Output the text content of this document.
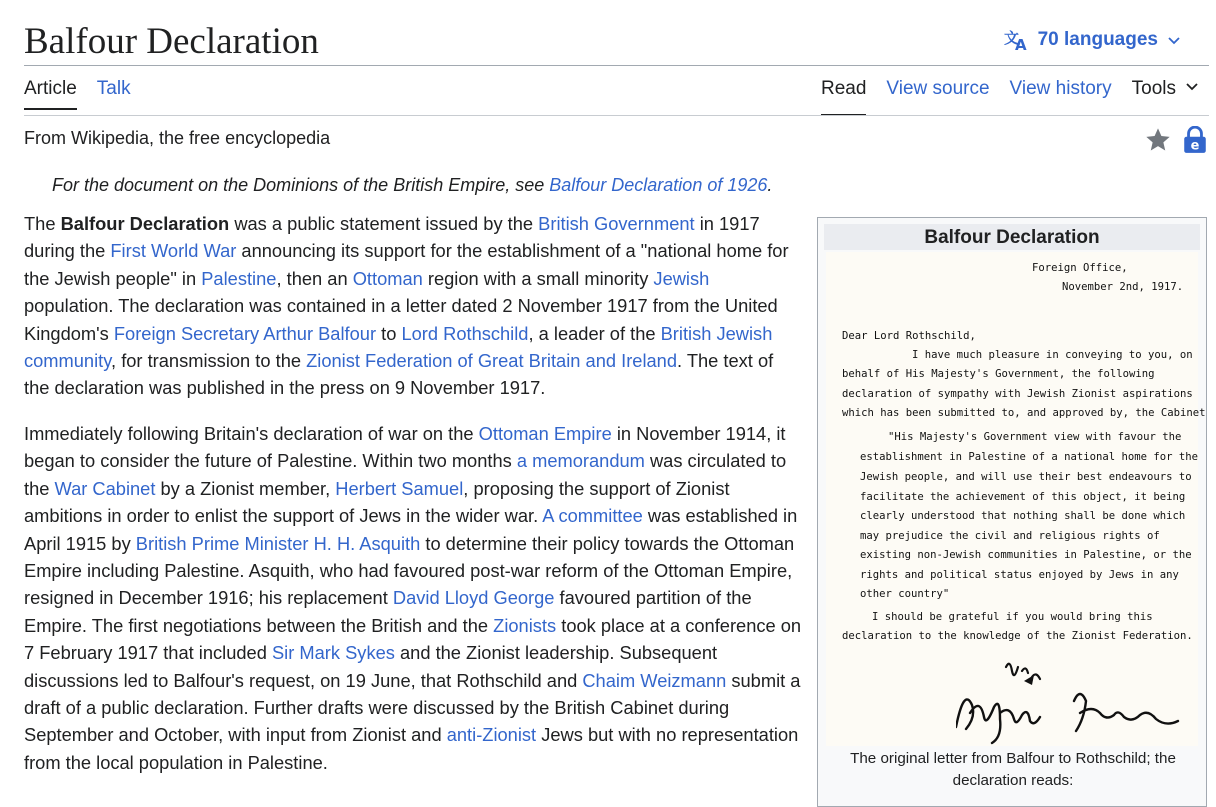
Balfour Declaration	文
A 70 languages
Article Talk	Read View source View history Tools
From Wikipedia, the free encyclopedia	e
For the document on the Dominions of the British Empire, see Balfour Declaration of 1926.

The Balfour Declaration was a public statement issued by the British Government in 1917 during the First World War announcing its support for the establishment of a "national home for the Jewish people" in Palestine, then an Ottoman region with a small minority Jewish population. The declaration was contained in a letter dated 2 November 1917 from the United Kingdom's Foreign Secretary Arthur Balfour to Lord Rothschild, a leader of the British Jewish community, for transmission to the Zionist Federation of Great Britain and Ireland. The text of the declaration was published in the press on 9 November 1917.

Immediately following Britain's declaration of war on the Ottoman Empire in November 1914, it began to consider the future of Palestine. Within two months a memorandum was circulated to the War Cabinet by a Zionist member, Herbert Samuel, proposing the support of Zionist ambitions in order to enlist the support of Jews in the wider war. A committee was established in April 1915 by British Prime Minister H. H. Asquith to determine their policy towards the Ottoman Empire including Palestine. Asquith, who had favoured post-war reform of the Ottoman Empire, resigned in December 1916; his replacement David Lloyd George favoured partition of the Empire. The first negotiations between the British and the Zionists took place at a conference on 7 February 1917 that included Sir Mark Sykes and the Zionist leadership. Subsequent discussions led to Balfour's request, on 19 June, that Rothschild and Chaim Weizmann submit a draft of a public declaration. Further drafts were discussed by the British Cabinet during September and October, with input from Zionist and anti-Zionist Jews but with no representation from the local population in Palestine.

Balfour Declaration
Foreign Office,
November 2nd, 1917.
Dear Lord Rothschild,
I have much pleasure in conveying to you, on
behalf of His Majesty's Government, the following
declaration of sympathy with Jewish Zionist aspirations
which has been submitted to, and approved by, the Cabinet
"His Majesty's Government view with favour the
establishment in Palestine of a national home for the
Jewish people, and will use their best endeavours to
facilitate the achievement of this object, it being
clearly understood that nothing shall be done which
may prejudice the civil and religious rights of
existing non-Jewish communities in Palestine, or the
rights and political status enjoyed by Jews in any
other country"
I should be grateful if you would bring this
declaration to the knowledge of the Zionist Federation.
The original letter from Balfour to Rothschild; the declaration reads:
